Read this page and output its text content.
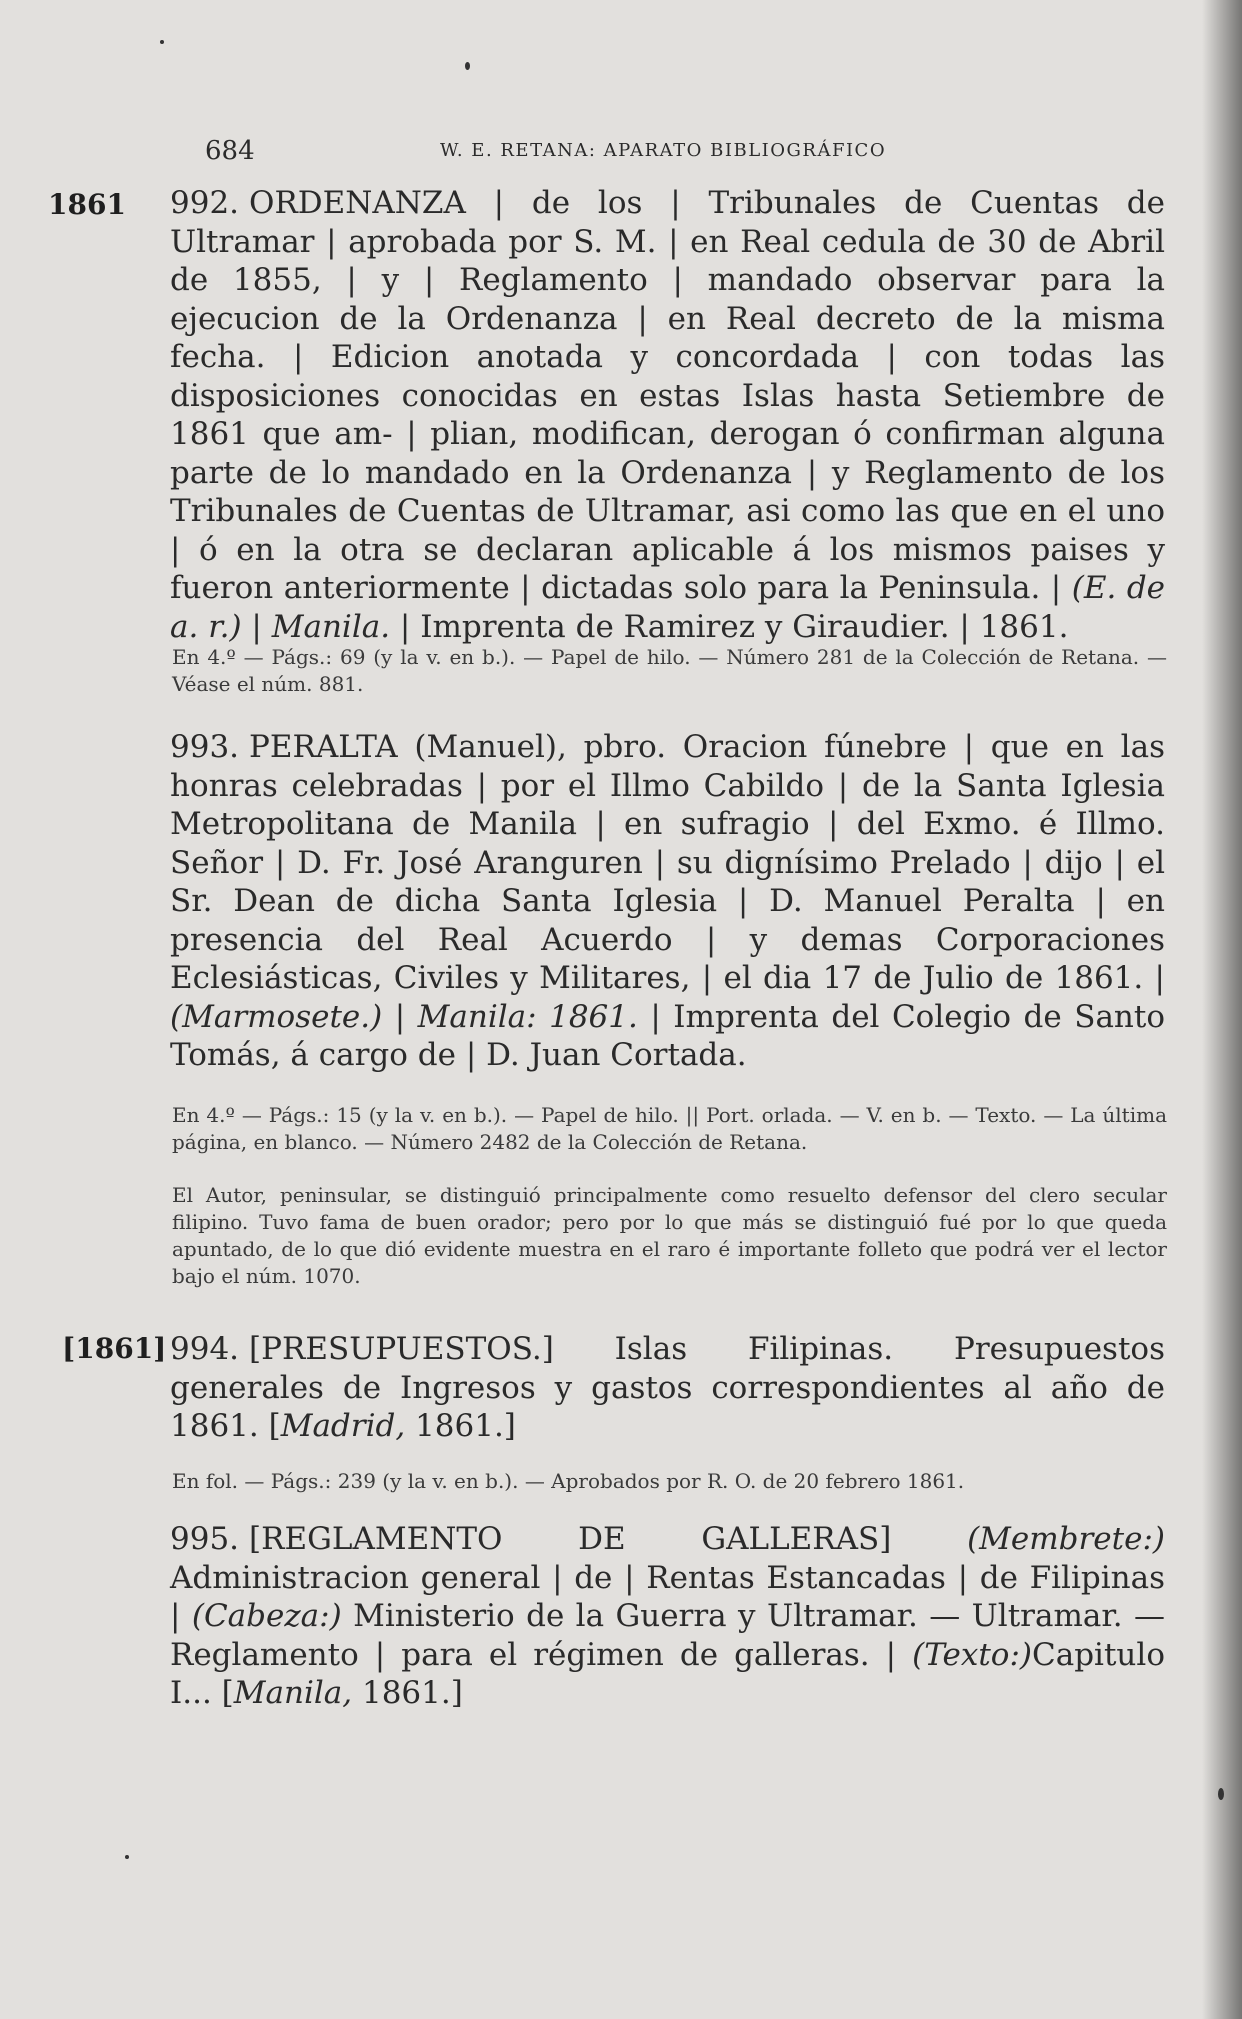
684	W. E. RETANA: APARATO BIBLIOGRÁFICO
1861 992. ORDENANZA | de los | Tribunales de Cuentas de Ultramar | aprobada por S. M. | en Real cedula de 30 de Abril de 1855, | y | Reglamento | mandado observar para la ejecucion de la Ordenanza | en Real decreto de la misma fecha. | Edicion anotada y concordada | con todas las disposiciones conocidas en estas Islas hasta Setiembre de 1861 que am- | plian, modifican, derogan ó confirman alguna parte de lo mandado en la Ordenanza | y Reglamento de los Tribunales de Cuentas de Ultramar, asi como las que en el uno | ó en la otra se declaran aplicable á los mismos paises y fueron anteriormente | dictadas solo para la Peninsula. | (E. de a. r.) | Manila. | Imprenta de Ramirez y Giraudier. | 1861.
En 4.º — Págs.: 69 (y la v. en b.). — Papel de hilo. — Número 281 de la Colección de Retana. — Véase el núm. 881.
993. PERALTA (Manuel), pbro. Oracion fúnebre | que en las honras celebradas | por el Illmo Cabildo | de la Santa Iglesia Metropolitana de Manila | en sufragio | del Exmo. é Illmo. Señor | D. Fr. José Aranguren | su dignísimo Prelado | dijo | el Sr. Dean de dicha Santa Iglesia | D. Manuel Peralta | en presencia del Real Acuerdo | y demas Corporaciones Eclesiásticas, Civiles y Militares, | el dia 17 de Julio de 1861. | (Marmosete.) | Manila: 1861. | Imprenta del Colegio de Santo Tomás, á cargo de | D. Juan Cortada.
En 4.º — Págs.: 15 (y la v. en b.). — Papel de hilo. || Port. orlada. — V. en b. — Texto. — La última página, en blanco. — Número 2482 de la Colección de Retana.
El Autor, peninsular, se distinguió principalmente como resuelto defensor del clero secular filipino. Tuvo fama de buen orador; pero por lo que más se distinguió fué por lo que queda apuntado, de lo que dió evidente muestra en el raro é importante folleto que podrá ver el lector bajo el núm. 1070.
[1861] 994. [PRESUPUESTOS.] Islas Filipinas. Presupuestos generales de Ingresos y gastos correspondientes al año de 1861. [Madrid, 1861.]
En fol. — Págs.: 239 (y la v. en b.). — Aprobados por R. O. de 20 febrero 1861.
995. [REGLAMENTO DE GALLERAS] (Membrete:) Administracion general | de | Rentas Estancadas | de Filipinas | (Cabeza:) Ministerio de la Guerra y Ultramar. — Ultramar. — Reglamento | para el régimen de galleras. | (Texto:)Capitulo I... [Manila, 1861.]
